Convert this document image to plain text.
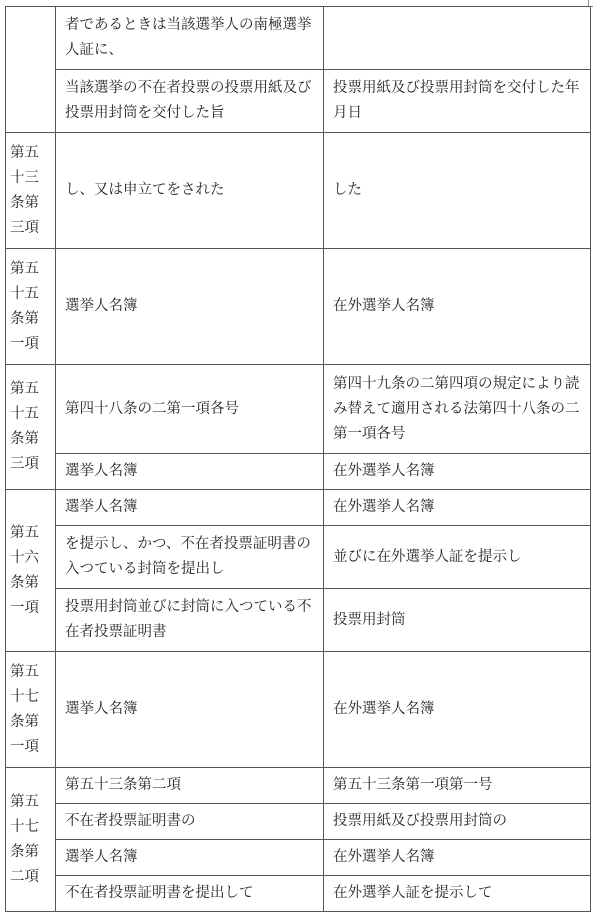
	者であるときは当該選挙人の南極選挙人証に、	
	当該選挙の不在者投票の投票用紙及び投票用封筒を交付した旨	投票用紙及び投票用封筒を交付した年月日
第五十三条第三項	し、又は申立てをされた	した
第五十五条第一項	選挙人名簿	在外選挙人名簿
第五十五条第三項	第四十八条の二第一項各号	第四十九条の二第四項の規定により読み替えて適用される法第四十八条の二第一項各号
	選挙人名簿	在外選挙人名簿
第五十六条第一項	選挙人名簿	在外選挙人名簿
	を提示し、かつ、不在者投票証明書の入つている封筒を提出し	並びに在外選挙人証を提示し
	投票用封筒並びに封筒に入つている不在者投票証明書	投票用封筒
第五十七条第一項	選挙人名簿	在外選挙人名簿
第五十七条第二項	第五十三条第二項	第五十三条第一項第一号
	不在者投票証明書の	投票用紙及び投票用封筒の
	選挙人名簿	在外選挙人名簿
	不在者投票証明書を提出して	在外選挙人証を提示して
